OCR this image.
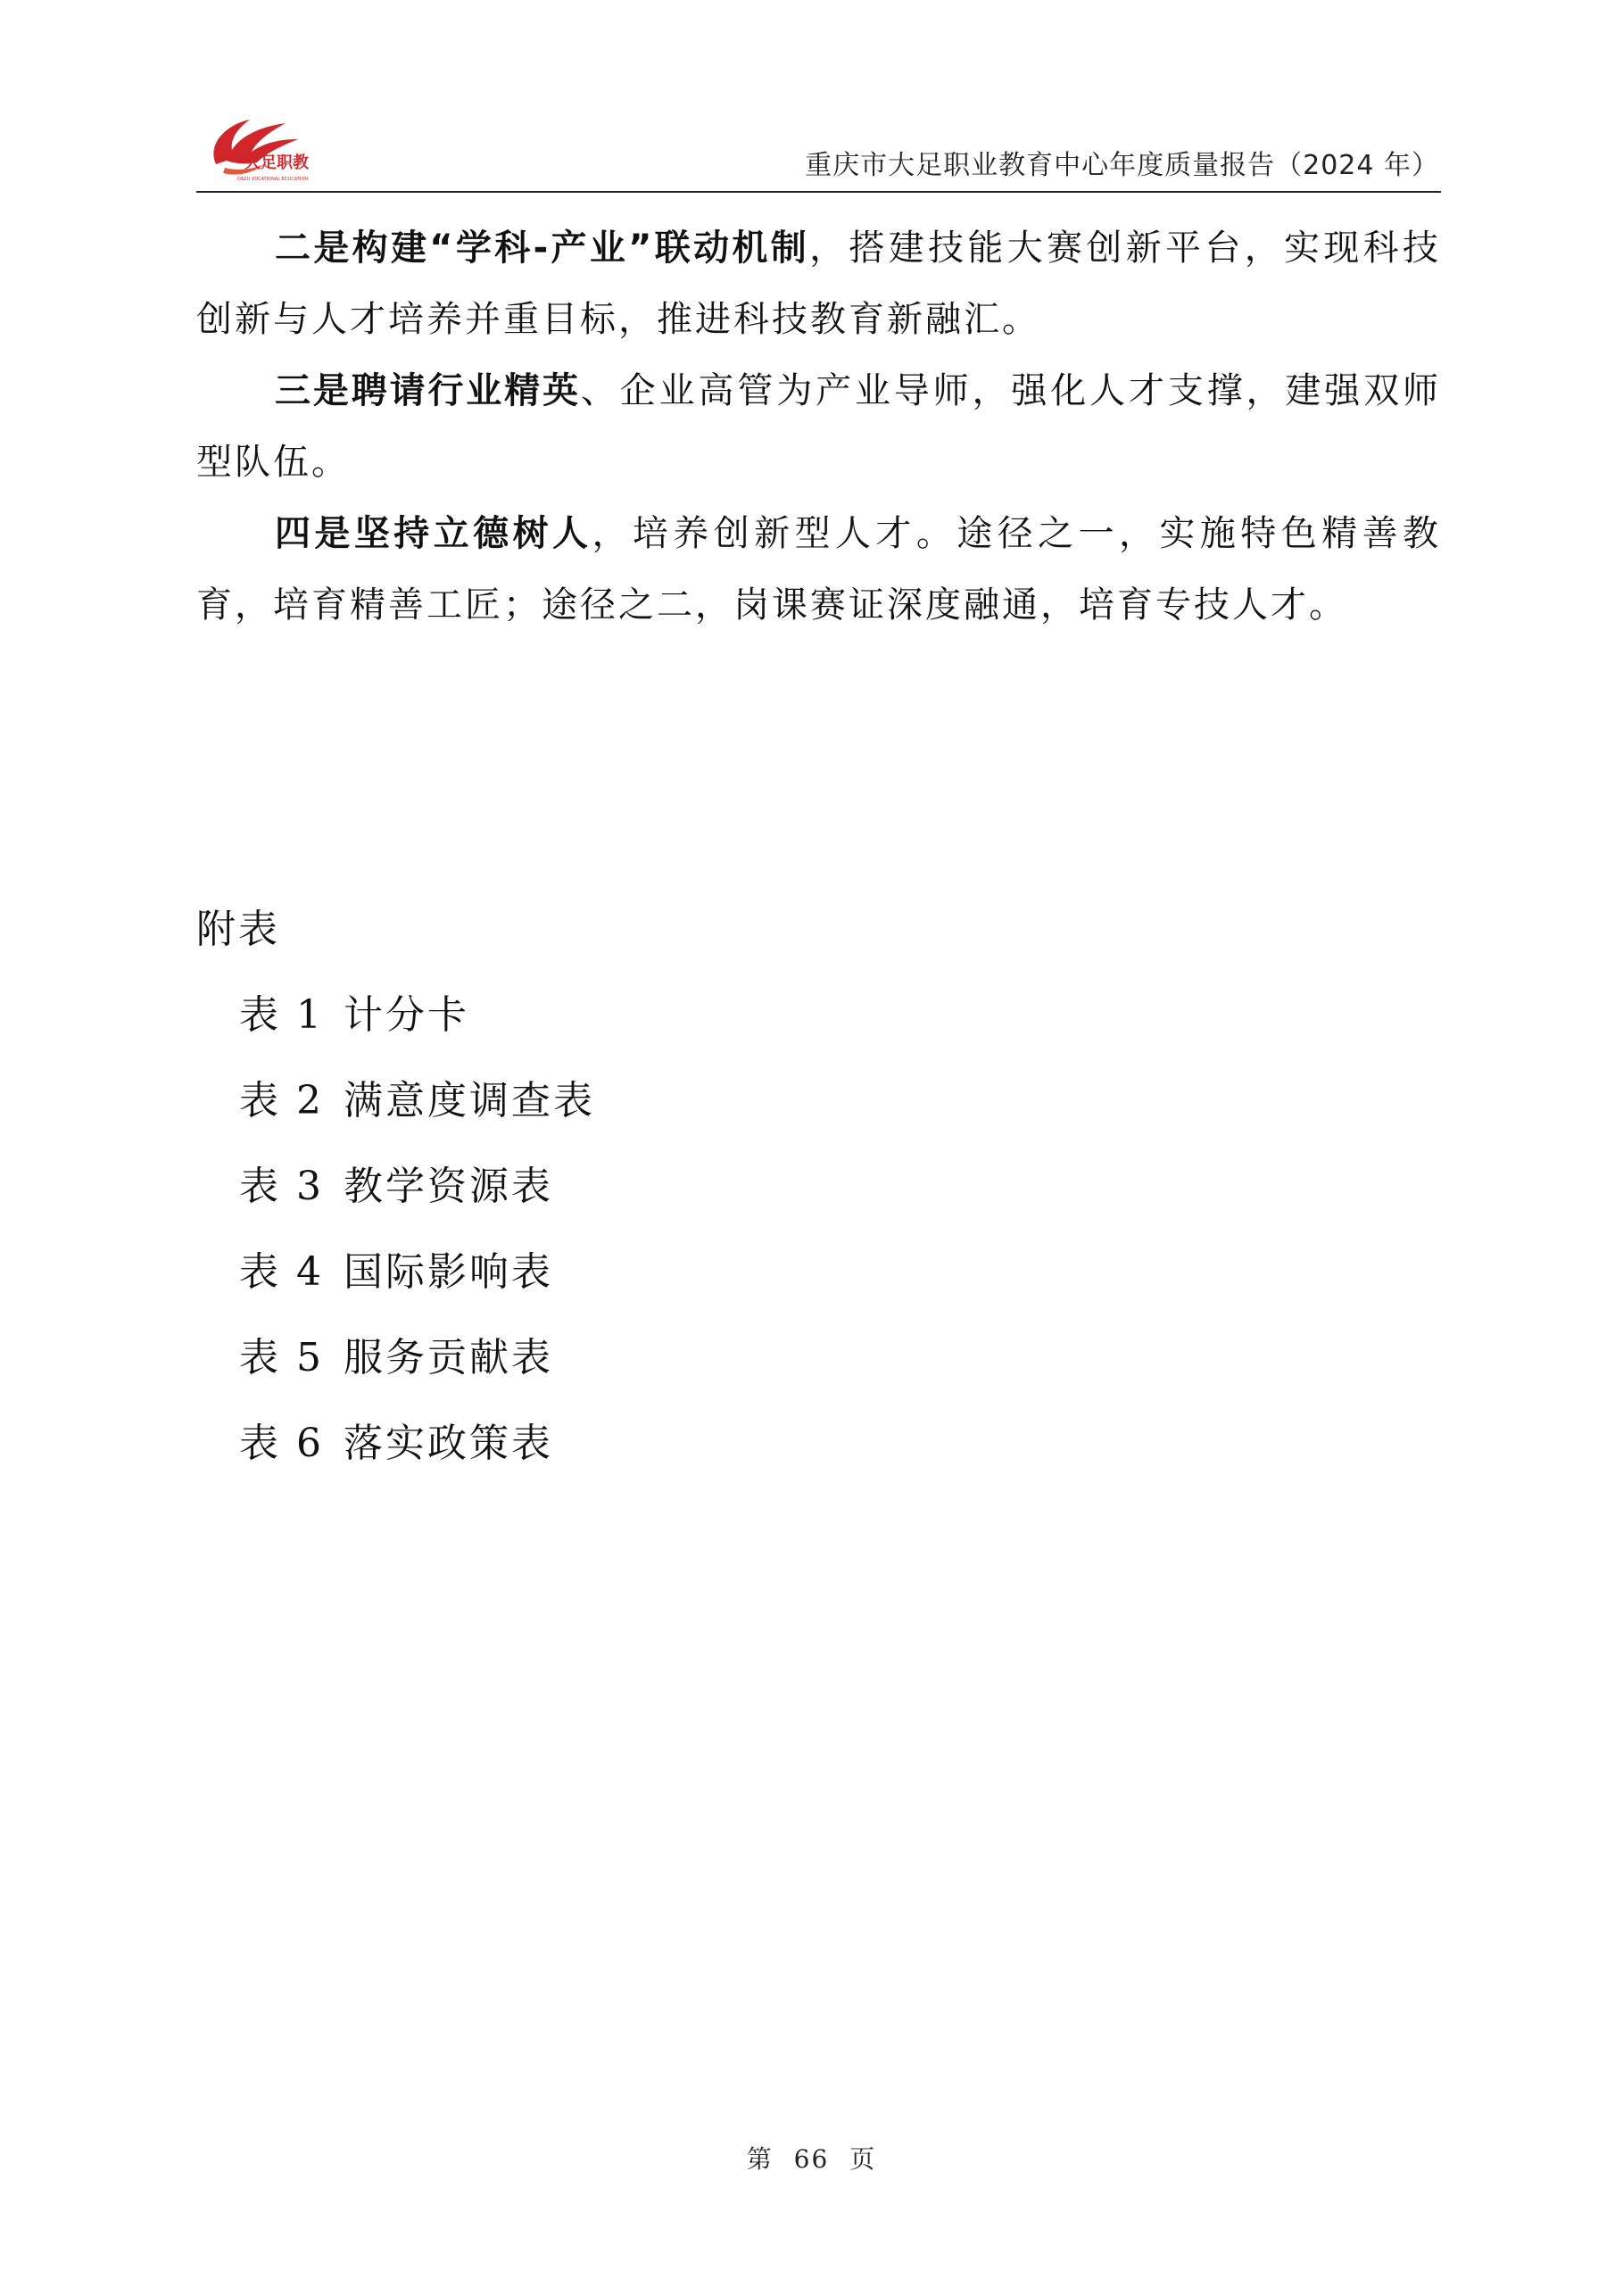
大足职教
DAZU VOCATIONAL EDUCATION	重庆市大足职业教育中心年度质量报告（2024 年）

二是构建“学科-产业”联动机制，搭建技能大赛创新平台，实现科技创新与人才培养并重目标，推进科技教育新融汇。

三是聘请行业精英、企业高管为产业导师，强化人才支撑，建强双师型队伍。

四是坚持立德树人，培养创新型人才。途径之一，实施特色精善教育，培育精善工匠；途径之二，岗课赛证深度融通，培育专技人才。

附表
表 1 计分卡
表 2 满意度调查表
表 3 教学资源表
表 4 国际影响表
表 5 服务贡献表
表 6 落实政策表
第 66 页
